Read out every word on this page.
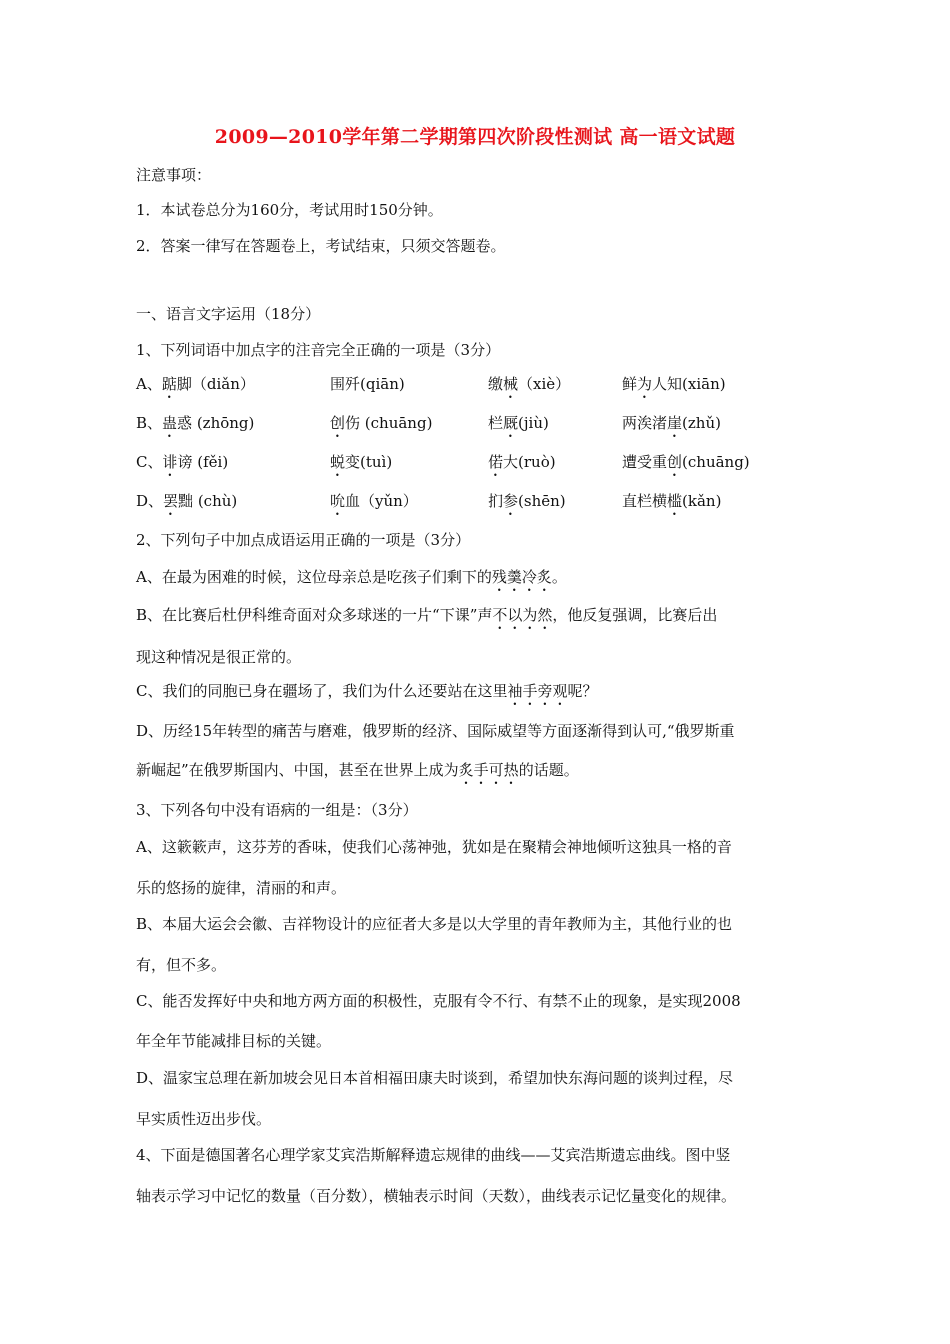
2009—2010学年第二学期第四次阶段性测试 高一语文试题
注意事项：
1．本试卷总分为160分，考试用时150分钟。
2．答案一律写在答题卷上，考试结束，只须交答题卷。
一、语言文字运用（18分）
1、下列词语中加点字的注音完全正确的一项是（3分）
A、踮脚（diǎn）	围歼(qiān)	缴械（xiè）	鲜为人知(xiān)
B、蛊惑 (zhōng)	创伤 (chuāng)	栏厩(jiù)	两涘渚崖(zhǔ)
C、诽谤 (fěi)	蜕变(tuì)	偌大(ruò)	遭受重创(chuāng)
D、罢黜 (chù)	吮血（yǔn）	扪参(shēn)	直栏横槛(kǎn)
2、下列句子中加点成语运用正确的一项是（3分）
A、在最为困难的时候，这位母亲总是吃孩子们剩下的残羹冷炙。
B、在比赛后杜伊科维奇面对众多球迷的一片“下课”声不以为然，他反复强调，比赛后出
现这种情况是很正常的。
C、我们的同胞已身在疆场了，我们为什么还要站在这里袖手旁观呢？
D、历经15年转型的痛苦与磨难，俄罗斯的经济、国际威望等方面逐渐得到认可,“俄罗斯重
新崛起”在俄罗斯国内、中国，甚至在世界上成为炙手可热的话题。
3、下列各句中没有语病的一组是：（3分）
A、这簌簌声，这芬芳的香味，使我们心荡神弛，犹如是在聚精会神地倾听这独具一格的音
乐的悠扬的旋律，清丽的和声。
B、本届大运会会徽、吉祥物设计的应征者大多是以大学里的青年教师为主，其他行业的也
有，但不多。
C、能否发挥好中央和地方两方面的积极性，克服有令不行、有禁不止的现象，是实现2008
年全年节能减排目标的关键。
D、温家宝总理在新加坡会见日本首相福田康夫时谈到，希望加快东海问题的谈判过程，尽
早实质性迈出步伐。
4、下面是德国著名心理学家艾宾浩斯解释遗忘规律的曲线——艾宾浩斯遗忘曲线。图中竖
轴表示学习中记忆的数量（百分数），横轴表示时间（天数），曲线表示记忆量变化的规律。
